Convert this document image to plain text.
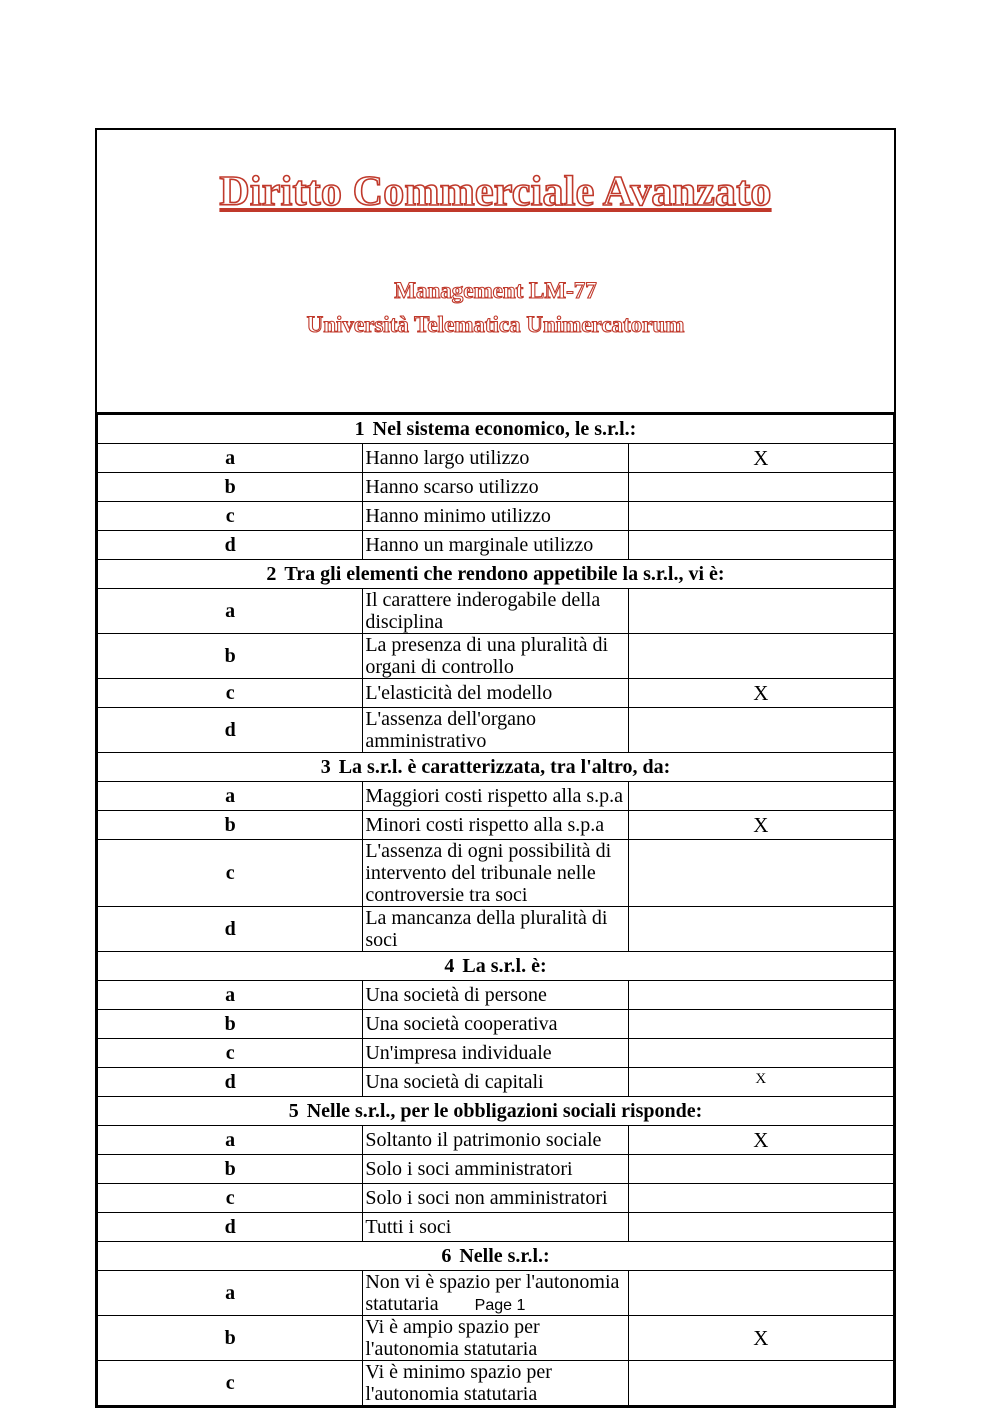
Diritto Commerciale Avanzato
Management LM-77
Università Telematica Unimercatorum
1 Nel sistema economico, le s.r.l.:		
a	Hanno largo utilizzo	X
b	Hanno scarso utilizzo	
c	Hanno minimo utilizzo	
d	Hanno un marginale utilizzo	
2 Tra gli elementi che rendono appetibile la s.r.l., vi è:		
a	Il carattere inderogabile della disciplina	
b	La presenza di una pluralità di organi di controllo	
c	L'elasticità del modello	X
d	L'assenza dell'organo amministrativo	
3 La s.r.l. è caratterizzata, tra l'altro, da:		
a	Maggiori costi rispetto alla s.p.a	
b	Minori costi rispetto alla s.p.a	X
c	L'assenza di ogni possibilità di intervento del tribunale nelle controversie tra soci	
d	La mancanza della pluralità di soci	
4 La s.r.l. è:		
a	Una società di persone	
b	Una società cooperativa	
c	Un'impresa individuale	
d	Una società di capitali	X
5 Nelle s.r.l., per le obbligazioni sociali risponde:		
a	Soltanto il patrimonio sociale	X
b	Solo i soci amministratori	
c	Solo i soci non amministratori	
d	Tutti i soci	
6 Nelle s.r.l.:		
a	Non vi è spazio per l'autonomia statutaria	
b	Vi è ampio spazio per l'autonomia statutaria	X
c	Vi è minimo spazio per l'autonomia statutaria	
Page 1
